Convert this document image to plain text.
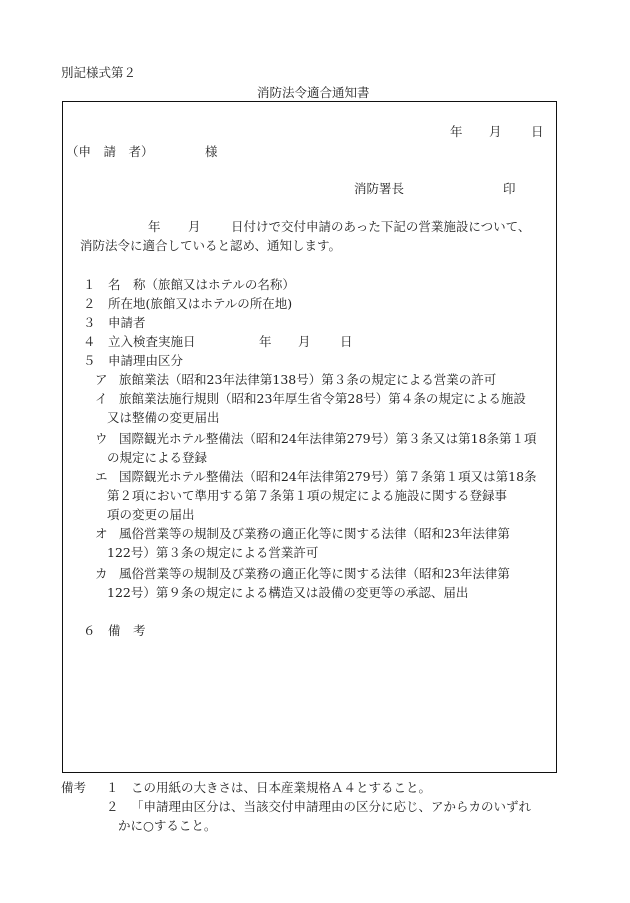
別記様式第２
消防法令適合通知書
年 月 日
（申　請　者）	様
消防署長	印
年 月 日付けで交付申請のあった下記の営業施設について、
消防法令に適合していると認め、通知します。
１ 名　称（旅館又はホテルの名称）
２ 所在地(旅館又はホテルの所在地)
３ 申請者
４ 立入検査実施日	年 月 日
５ 申請理由区分
ア 旅館業法（昭和23年法律第138号）第３条の規定による営業の許可
イ 旅館業法施行規則（昭和23年厚生省令第28号）第４条の規定による施設
又は整備の変更届出
ウ 国際観光ホテル整備法（昭和24年法律第279号）第３条又は第18条第１項
の規定による登録
エ 国際観光ホテル整備法（昭和24年法律第279号）第７条第１項又は第18条
第２項において準用する第７条第１項の規定による施設に関する登録事
項の変更の届出
オ 風俗営業等の規制及び業務の適正化等に関する法律（昭和23年法律第
122号）第３条の規定による営業許可
カ 風俗営業等の規制及び業務の適正化等に関する法律（昭和23年法律第
122号）第９条の規定による構造又は設備の変更等の承認、届出
６ 備　考
備考 １ この用紙の大きさは、日本産業規格Ａ４とすること。
２ 「申請理由区分は、当該交付申請理由の区分に応じ、アからカのいずれ
かに○すること。
